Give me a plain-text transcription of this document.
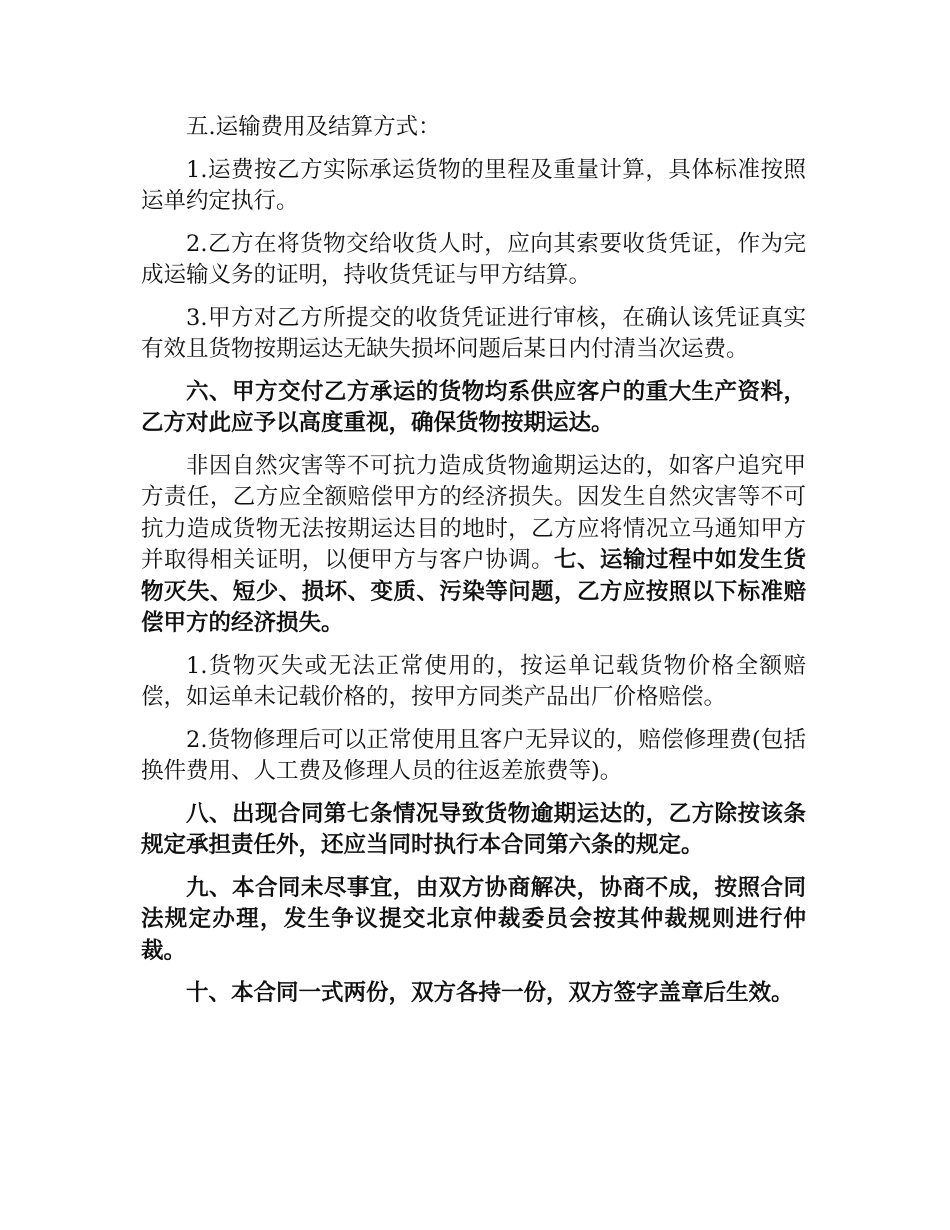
五.运输费用及结算方式：

1.运费按乙方实际承运货物的里程及重量计算，具体标准按照运单约定执行。

2.乙方在将货物交给收货人时，应向其索要收货凭证，作为完成运输义务的证明，持收货凭证与甲方结算。

3.甲方对乙方所提交的收货凭证进行审核，在确认该凭证真实有效且货物按期运达无缺失损坏问题后某日内付清当次运费。

六、甲方交付乙方承运的货物均系供应客户的重大生产资料，乙方对此应予以高度重视，确保货物按期运达。

非因自然灾害等不可抗力造成货物逾期运达的，如客户追究甲方责任，乙方应全额赔偿甲方的经济损失。因发生自然灾害等不可抗力造成货物无法按期运达目的地时，乙方应将情况立马通知甲方并取得相关证明，以便甲方与客户协调。七、运输过程中如发生货物灭失、短少、损坏、变质、污染等问题，乙方应按照以下标准赔偿甲方的经济损失。

1.货物灭失或无法正常使用的，按运单记载货物价格全额赔偿，如运单未记载价格的，按甲方同类产品出厂价格赔偿。

2.货物修理后可以正常使用且客户无异议的，赔偿修理费(包括换件费用、人工费及修理人员的往返差旅费等)。

八、出现合同第七条情况导致货物逾期运达的，乙方除按该条规定承担责任外，还应当同时执行本合同第六条的规定。

九、本合同未尽事宜，由双方协商解决，协商不成，按照合同法规定办理，发生争议提交北京仲裁委员会按其仲裁规则进行仲裁。

十、本合同一式两份，双方各持一份，双方签字盖章后生效。
